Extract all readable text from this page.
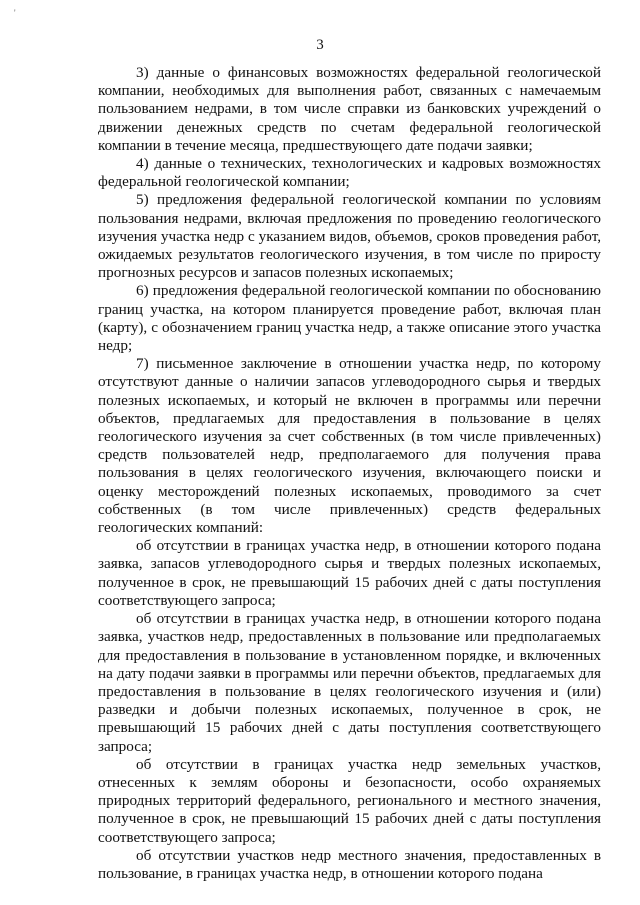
'
3

3) данные о финансовых возможностях федеральной геологической компании, необходимых для выполнения работ, связанных с намечаемым пользованием недрами, в том числе справки из банковских учреждений о движении денежных средств по счетам федеральной геологической компании в течение месяца, предшествующего дате подачи заявки;

4) данные о технических, технологических и кадровых возможностях федеральной геологической компании;

5) предложения федеральной геологической компании по условиям пользования недрами, включая предложения по проведению геологического изучения участка недр с указанием видов, объемов, сроков проведения работ, ожидаемых результатов геологического изучения, в том числе по приросту прогнозных ресурсов и запасов полезных ископаемых;

6) предложения федеральной геологической компании по обоснованию границ участка, на котором планируется проведение работ, включая план (карту), с обозначением границ участка недр, а также описание этого участка недр;

7) письменное заключение в отношении участка недр, по которому отсутствуют данные о наличии запасов углеводородного сырья и твердых полезных ископаемых, и который не включен в программы или перечни объектов, предлагаемых для предоставления в пользование в целях геологического изучения за счет собственных (в том числе привлеченных) средств пользователей недр, предполагаемого для получения права пользования в целях геологического изучения, включающего поиски и оценку месторождений полезных ископаемых, проводимого за счет собственных (в том числе привлеченных) средств федеральных геологических компаний:

об отсутствии в границах участка недр, в отношении которого подана заявка, запасов углеводородного сырья и твердых полезных ископаемых, полученное в срок, не превышающий 15 рабочих дней с даты поступления соответствующего запроса;

об отсутствии в границах участка недр, в отношении которого подана заявка, участков недр, предоставленных в пользование или предполагаемых для предоставления в пользование в установленном порядке, и включенных на дату подачи заявки в программы или перечни объектов, предлагаемых для предоставления в пользование в целях геологического изучения и (или) разведки и добычи полезных ископаемых, полученное в срок, не превышающий 15 рабочих дней с даты поступления соответствующего запроса;

об отсутствии в границах участка недр земельных участков, отнесенных к землям обороны и безопасности, особо охраняемых природных территорий федерального, регионального и местного значения, полученное в срок, не превышающий 15 рабочих дней с даты поступления соответствующего запроса;

об отсутствии участков недр местного значения, предоставленных в пользование, в границах участка недр, в отношении которого подана
